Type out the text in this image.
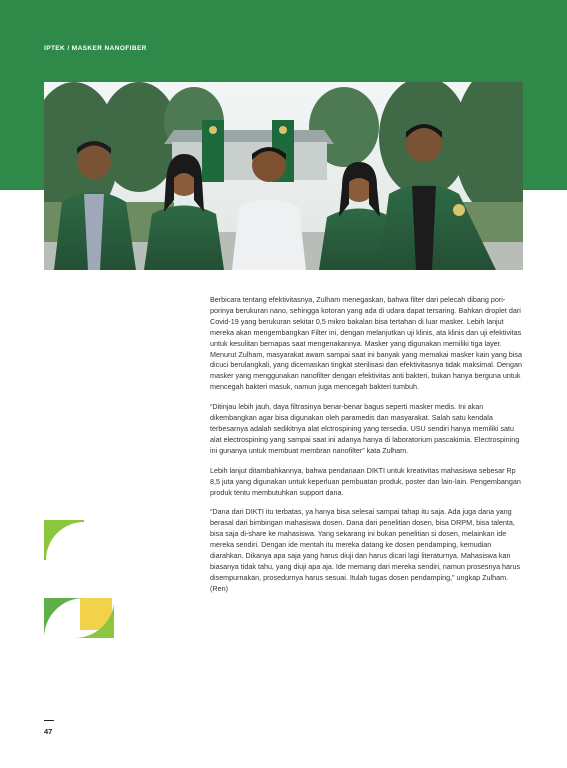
IPTEK / MASKER NANOFIBER

Berbicara tentang efektivitasnya, Zulham menegaskan, bahwa filter dari pelecah dibang pori-porinya berukuran nano, sehingga kotoran yang ada di udara dapat tersaring. Bahkan droplet dari Covid-19 yang berukuran sekitar 0,5 mikro bakalan bisa tertahan di luar masker. Lebih lanjut mereka akan mengembangkan Filter ini, dengan melanjutkan uji klinis, ata klinis dan uji efektivitas untuk kesulitan bernapas saat mengenakannya. Masker yang digunakan memiliki tiga layer. Menurut Zulham, masyarakat awam sampai saat ini banyak yang memakai masker kain yang bisa dicuci berulangkali, yang dicemaskan tingkat sterilisasi dan efektivitasnya tidak maksimal. Dengan masker yang menggunakan nanofilter dengan efektivitas anti bakteri, bukan hanya berguna untuk mencegah bakteri masuk, namun juga mencegah bakteri tumbuh.

“Ditinjau lebih jauh, daya filtrasinya benar-benar bagus seperti masker medis. Ini akan dikembangkan agar bisa digunakan oleh paramedis dan masyarakat. Salah satu kendala terbesarnya adalah sedikitnya alat elctrospining yang tersedia. USU sendiri hanya memiliki satu alat electrospining yang sampai saat ini adanya hanya di laboratorium pascakimia. Electrospining ini gunanya untuk membuat membran nanofilter” kata Zulham.

Lebih lanjut ditambahkannya, bahwa pendanaan DIKTI untuk kreativitas mahasiswa sebesar Rp 8,5 juta yang digunakan untuk keperluan pembuatan produk, poster dan lain-lain. Pengembangan produk tentu membutuhkan support dana.

“Dana dari DIKTI itu terbatas, ya hanya bisa selesai sampai tahap itu saja. Ada juga dana yang berasal dari bimbingan mahasiswa dosen. Dana dari penelitian dosen, bisa DRPM, bisa talenta, bisa saja di-share ke mahasiswa. Yang sekarang ini bukan penelitian si dosen, melainkan ide mereka sendiri. Dengan ide mentah itu mereka datang ke dosen pendamping, kemudian diarahkan. Dikanya apa saja yang harus diuji dan harus dicari lagi literaturnya. Mahasiswa kan biasanya tidak tahu, yang diuji apa aja. Ide memang dari mereka sendiri, namun prosesnya harus disempurnakan, prosedurnya harus sesuai. Itulah tugas dosen pendamping,” ungkap Zulham. (Ren)

47
